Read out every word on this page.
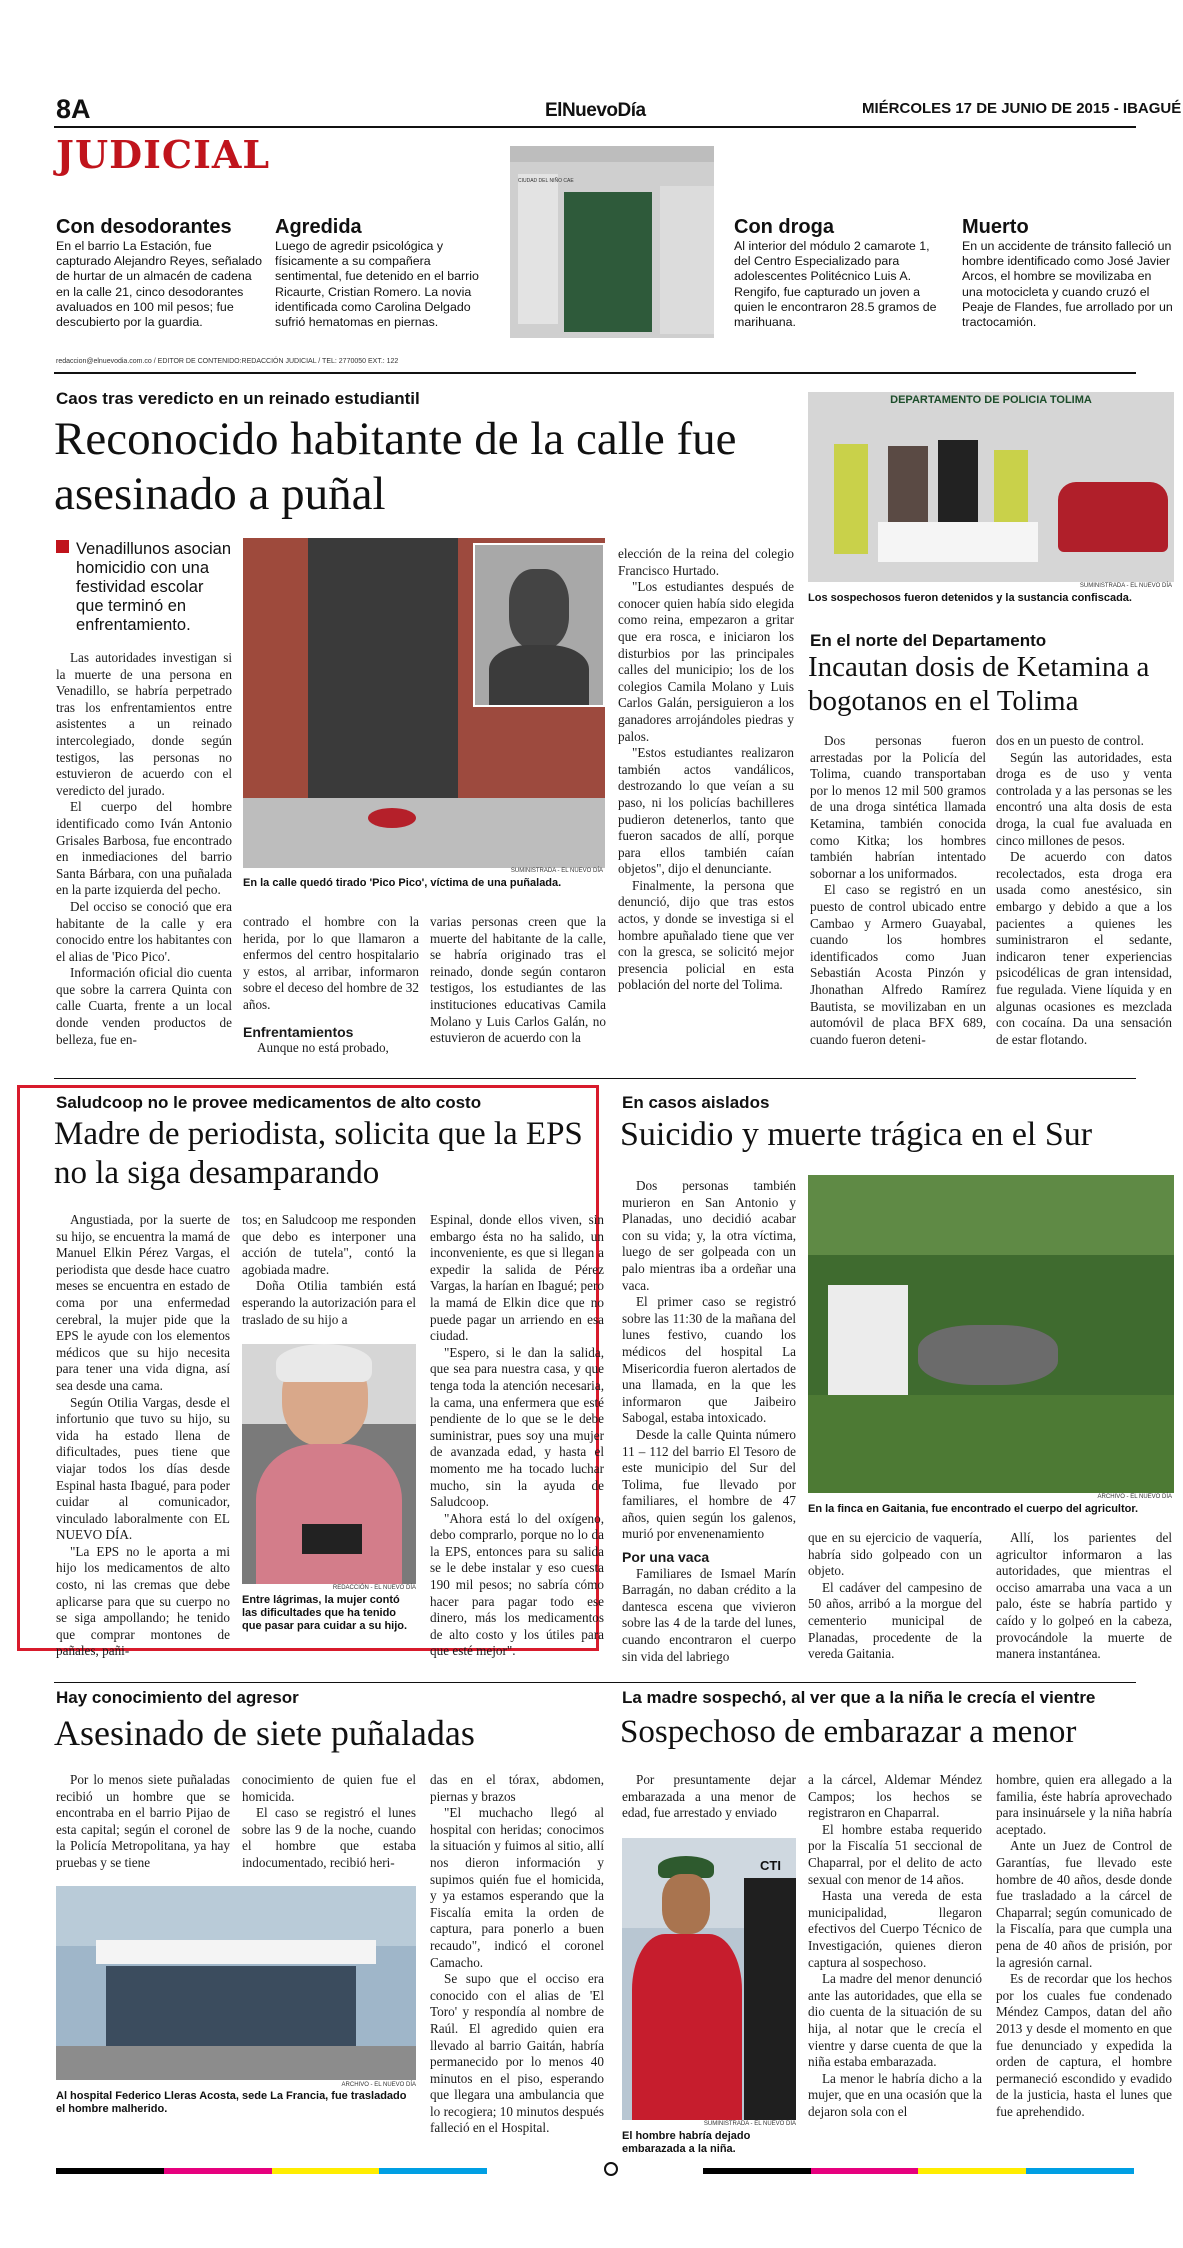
8A	ElNuevoDía	MIÉRCOLES 17 DE JUNIO DE 2015 - IBAGUÉ
JUDICIAL
Con desodorantes
En el barrio La Estación, fue capturado Alejandro Reyes, señalado de hurtar de un almacén de cadena en la calle 21, cinco desodorantes avaluados en 100 mil pesos; fue descubierto por la guardia.
Agredida
Luego de agredir psicológica y físicamente a su compañera sentimental, fue detenido en el barrio Ricaurte, Cristian Romero. La novia identificada como Carolina Delgado sufrió hematomas en piernas.
CIUDAD DEL NIÑO CAE
Con droga
Al interior del módulo 2 camarote 1, del Centro Especializado para adolescentes Politécnico Luis A. Rengifo, fue capturado un joven a quien le encontraron 28.5 gramos de marihuana.
Muerto
En un accidente de tránsito falleció un hombre identificado como José Javier Arcos, el hombre se movilizaba en una motocicleta y cuando cruzó el Peaje de Flandes, fue arrollado por un tractocamión.
redaccion@elnuevodia.com.co / EDITOR DE CONTENIDO:REDACCIÓN JUDICIAL / TEL: 2770050 EXT.: 122
Caos tras veredicto en un reinado estudiantil
Reconocido habitante de la calle fue asesinado a puñal
Venadillunos asocian homicidio con una festividad escolar que terminó en enfrentamiento.

Las autoridades investigan si la muerte de una persona en Venadillo, se habría perpetrado tras los enfrentamientos entre asistentes a un reinado intercolegiado, donde según testigos, las personas no estuvieron de acuerdo con el veredicto del jurado.

El cuerpo del hombre identificado como Iván Antonio Grisales Barbosa, fue encontrado en inmediaciones del barrio Santa Bárbara, con una puñalada en la parte izquierda del pecho.

Del occiso se conoció que era habitante de la calle y era conocido entre los habitantes con el alias de 'Pico Pico'.

Información oficial dio cuenta que sobre la carrera Quinta con calle Cuarta, frente a un local donde venden productos de belleza, fue en-

SUMINISTRADA - EL NUEVO DÍA
En la calle quedó tirado 'Pico Pico', víctima de una puñalada.

contrado el hombre con la herida, por lo que llamaron a enfermos del centro hospitalario y estos, al arribar, informaron sobre el deceso del hombre de 32 años.

Enfrentamientos

Aunque no está probado,

varias personas creen que la muerte del habitante de la calle, se habría originado tras el reinado, donde según contaron testigos, los estudiantes de las instituciones educativas Camila Molano y Luis Carlos Galán, no estuvieron de acuerdo con la

elección de la reina del colegio Francisco Hurtado.

"Los estudiantes después de conocer quien había sido elegida como reina, empezaron a gritar que era rosca, e iniciaron los disturbios por las principales calles del municipio; los de los colegios Camila Molano y Luis Carlos Galán, persiguieron a los ganadores arrojándoles piedras y palos.

"Estos estudiantes realizaron también actos vandálicos, destrozando lo que veían a su paso, ni los policías bachilleres pudieron detenerlos, tanto que fueron sacados de allí, porque para ellos también caían objetos", dijo el denunciante.

Finalmente, la persona que denunció, dijo que tras estos actos, y donde se investiga si el hombre apuñalado tiene que ver con la gresca, se solicitó mejor presencia policial en esta población del norte del Tolima.

DEPARTAMENTO DE POLICIA TOLIMA
SUMINISTRADA - EL NUEVO DÍA
Los sospechosos fueron detenidos y la sustancia confiscada.
En el norte del Departamento
Incautan dosis de Ketamina a bogotanos en el Tolima

Dos personas fueron arrestadas por la Policía del Tolima, cuando transportaban por lo menos 12 mil 500 gramos de una droga sintética llamada Ketamina, también conocida como Kitka; los hombres también habrían intentado sobornar a los uniformados.

El caso se registró en un puesto de control ubicado entre Cambao y Armero Guayabal, cuando los hombres identificados como Juan Sebastián Acosta Pinzón y Jhonathan Alfredo Ramírez Bautista, se movilizaban en un automóvil de placa BFX 689, cuando fueron deteni-

dos en un puesto de control.

Según las autoridades, esta droga es de uso y venta controlada y a las personas se les encontró una alta dosis de esta droga, la cual fue avaluada en cinco millones de pesos.

De acuerdo con datos recolectados, esta droga era usada como anestésico, sin embargo y debido a que a los pacientes a quienes les suministraron el sedante, indicaron tener experiencias psicodélicas de gran intensidad, fue regulada. Viene líquida y en algunas ocasiones es mezclada con cocaína. Da una sensación de estar flotando.

Saludcoop no le provee medicamentos de alto costo
Madre de periodista, solicita que la EPS no la siga desamparando

Angustiada, por la suerte de su hijo, se encuentra la mamá de Manuel Elkin Pérez Vargas, el periodista que desde hace cuatro meses se encuentra en estado de coma por una enfermedad cerebral, la mujer pide que la EPS le ayude con los elementos médicos que su hijo necesita para tener una vida digna, así sea desde una cama.

Según Otilia Vargas, desde el infortunio que tuvo su hijo, su vida ha estado llena de dificultades, pues tiene que viajar todos los días desde Espinal hasta Ibagué, para poder cuidar al comunicador, vinculado laboralmente con EL NUEVO DÍA.

"La EPS no le aporta a mi hijo los medicamentos de alto costo, ni las cremas que debe aplicarse para que su cuerpo no se siga ampollando; he tenido que comprar montones de pañales, pañi-

tos; en Saludcoop me responden que debo es interponer una acción de tutela", contó la agobiada madre.

Doña Otilia también está esperando la autorización para el traslado de su hijo a

REDACCIÓN - EL NUEVO DÍA
Entre lágrimas, la mujer contó las dificultades que ha tenido que pasar para cuidar a su hijo.

Espinal, donde ellos viven, sin embargo ésta no ha salido, un inconveniente, es que si llegan a expedir la salida de Pérez Vargas, la harían en Ibagué; pero la mamá de Elkin dice que no puede pagar un arriendo en esa ciudad.

"Espero, si le dan la salida, que sea para nuestra casa, y que tenga toda la atención necesaria, la cama, una enfermera que esté pendiente de lo que se le debe suministrar, pues soy una mujer de avanzada edad, y hasta el momento me ha tocado luchar mucho, sin la ayuda de Saludcoop.

"Ahora está lo del oxígeno, debo comprarlo, porque no lo da la EPS, entonces para su salida se le debe instalar y eso cuesta 190 mil pesos; no sabría cómo hacer para pagar todo ese dinero, más los medicamentos de alto costo y los útiles para que esté mejor".

En casos aislados
Suicidio y muerte trágica en el Sur

Dos personas también murieron en San Antonio y Planadas, uno decidió acabar con su vida; y, la otra víctima, luego de ser golpeada con un palo mientras iba a ordeñar una vaca.

El primer caso se registró sobre las 11:30 de la mañana del lunes festivo, cuando los médicos del hospital La Misericordia fueron alertados de una llamada, en la que les informaron que Jaibeiro Sabogal, estaba intoxicado.

Desde la calle Quinta número 11 – 112 del barrio El Tesoro de este municipio del Sur del Tolima, fue llevado por familiares, el hombre de 47 años, quien según los galenos, murió por envenenamiento

Por una vaca

Familiares de Ismael Marín Barragán, no daban crédito a la dantesca escena que vivieron sobre las 4 de la tarde del lunes, cuando encontraron el cuerpo sin vida del labriego

ARCHIVO - EL NUEVO DÍA
En la finca en Gaitania, fue encontrado el cuerpo del agricultor.

que en su ejercicio de vaquería, habría sido golpeado con un objeto.

El cadáver del campesino de 50 años, arribó a la morgue del cementerio municipal de Planadas, procedente de la vereda Gaitania.

Allí, los parientes del agricultor informaron a las autoridades, que mientras el occiso amarraba una vaca a un palo, éste se habría partido y caído y lo golpeó en la cabeza, provocándole la muerte de manera instantánea.

Hay conocimiento del agresor
Asesinado de siete puñaladas

Por lo menos siete puñaladas recibió un hombre que se encontraba en el barrio Pijao de esta capital; según el coronel de la Policía Metropolitana, ya hay pruebas y se tiene

conocimiento de quien fue el homicida.

El caso se registró el lunes sobre las 9 de la noche, cuando el hombre que estaba indocumentado, recibió heri-

ARCHIVO - EL NUEVO DÍA
Al hospital Federico Lleras Acosta, sede La Francia, fue trasladado el hombre malherido.

das en el tórax, abdomen, piernas y brazos

"El muchacho llegó al hospital con heridas; conocimos la situación y fuimos al sitio, allí nos dieron información y supimos quién fue el homicida, y ya estamos esperando que la Fiscalía emita la orden de captura, para ponerlo a buen recaudo", indicó el coronel Camacho.

Se supo que el occiso era conocido con el alias de 'El Toro' y respondía al nombre de Raúl. El agredido quien era llevado al barrio Gaitán, habría permanecido por lo menos 40 minutos en el piso, esperando que llegara una ambulancia que lo recogiera; 10 minutos después falleció en el Hospital.

La madre sospechó, al ver que a la niña le crecía el vientre
Sospechoso de embarazar a menor

Por presuntamente dejar embarazada a una menor de edad, fue arrestado y enviado

CTI
SUMINISTRADA - EL NUEVO DÍA
El hombre habría dejado embarazada a la niña.

a la cárcel, Aldemar Méndez Campos; los hechos se registraron en Chaparral.

El hombre estaba requerido por la Fiscalía 51 seccional de Chaparral, por el delito de acto sexual con menor de 14 años.

Hasta una vereda de esta municipalidad, llegaron efectivos del Cuerpo Técnico de Investigación, quienes dieron captura al sospechoso.

La madre del menor denunció ante las autoridades, que ella se dio cuenta de la situación de su hija, al notar que le crecía el vientre y darse cuenta de que la niña estaba embarazada.

La menor le habría dicho a la mujer, que en una ocasión que la dejaron sola con el

hombre, quien era allegado a la familia, éste habría aprovechado para insinuársele y la niña habría aceptado.

Ante un Juez de Control de Garantías, fue llevado este hombre de 40 años, desde donde fue trasladado a la cárcel de Chaparral; según comunicado de la Fiscalía, para que cumpla una pena de 40 años de prisión, por la agresión carnal.

Es de recordar que los hechos por los cuales fue condenado Méndez Campos, datan del año 2013 y desde el momento en que fue denunciado y expedida la orden de captura, el hombre permaneció escondido y evadido de la justicia, hasta el lunes que fue aprehendido.
